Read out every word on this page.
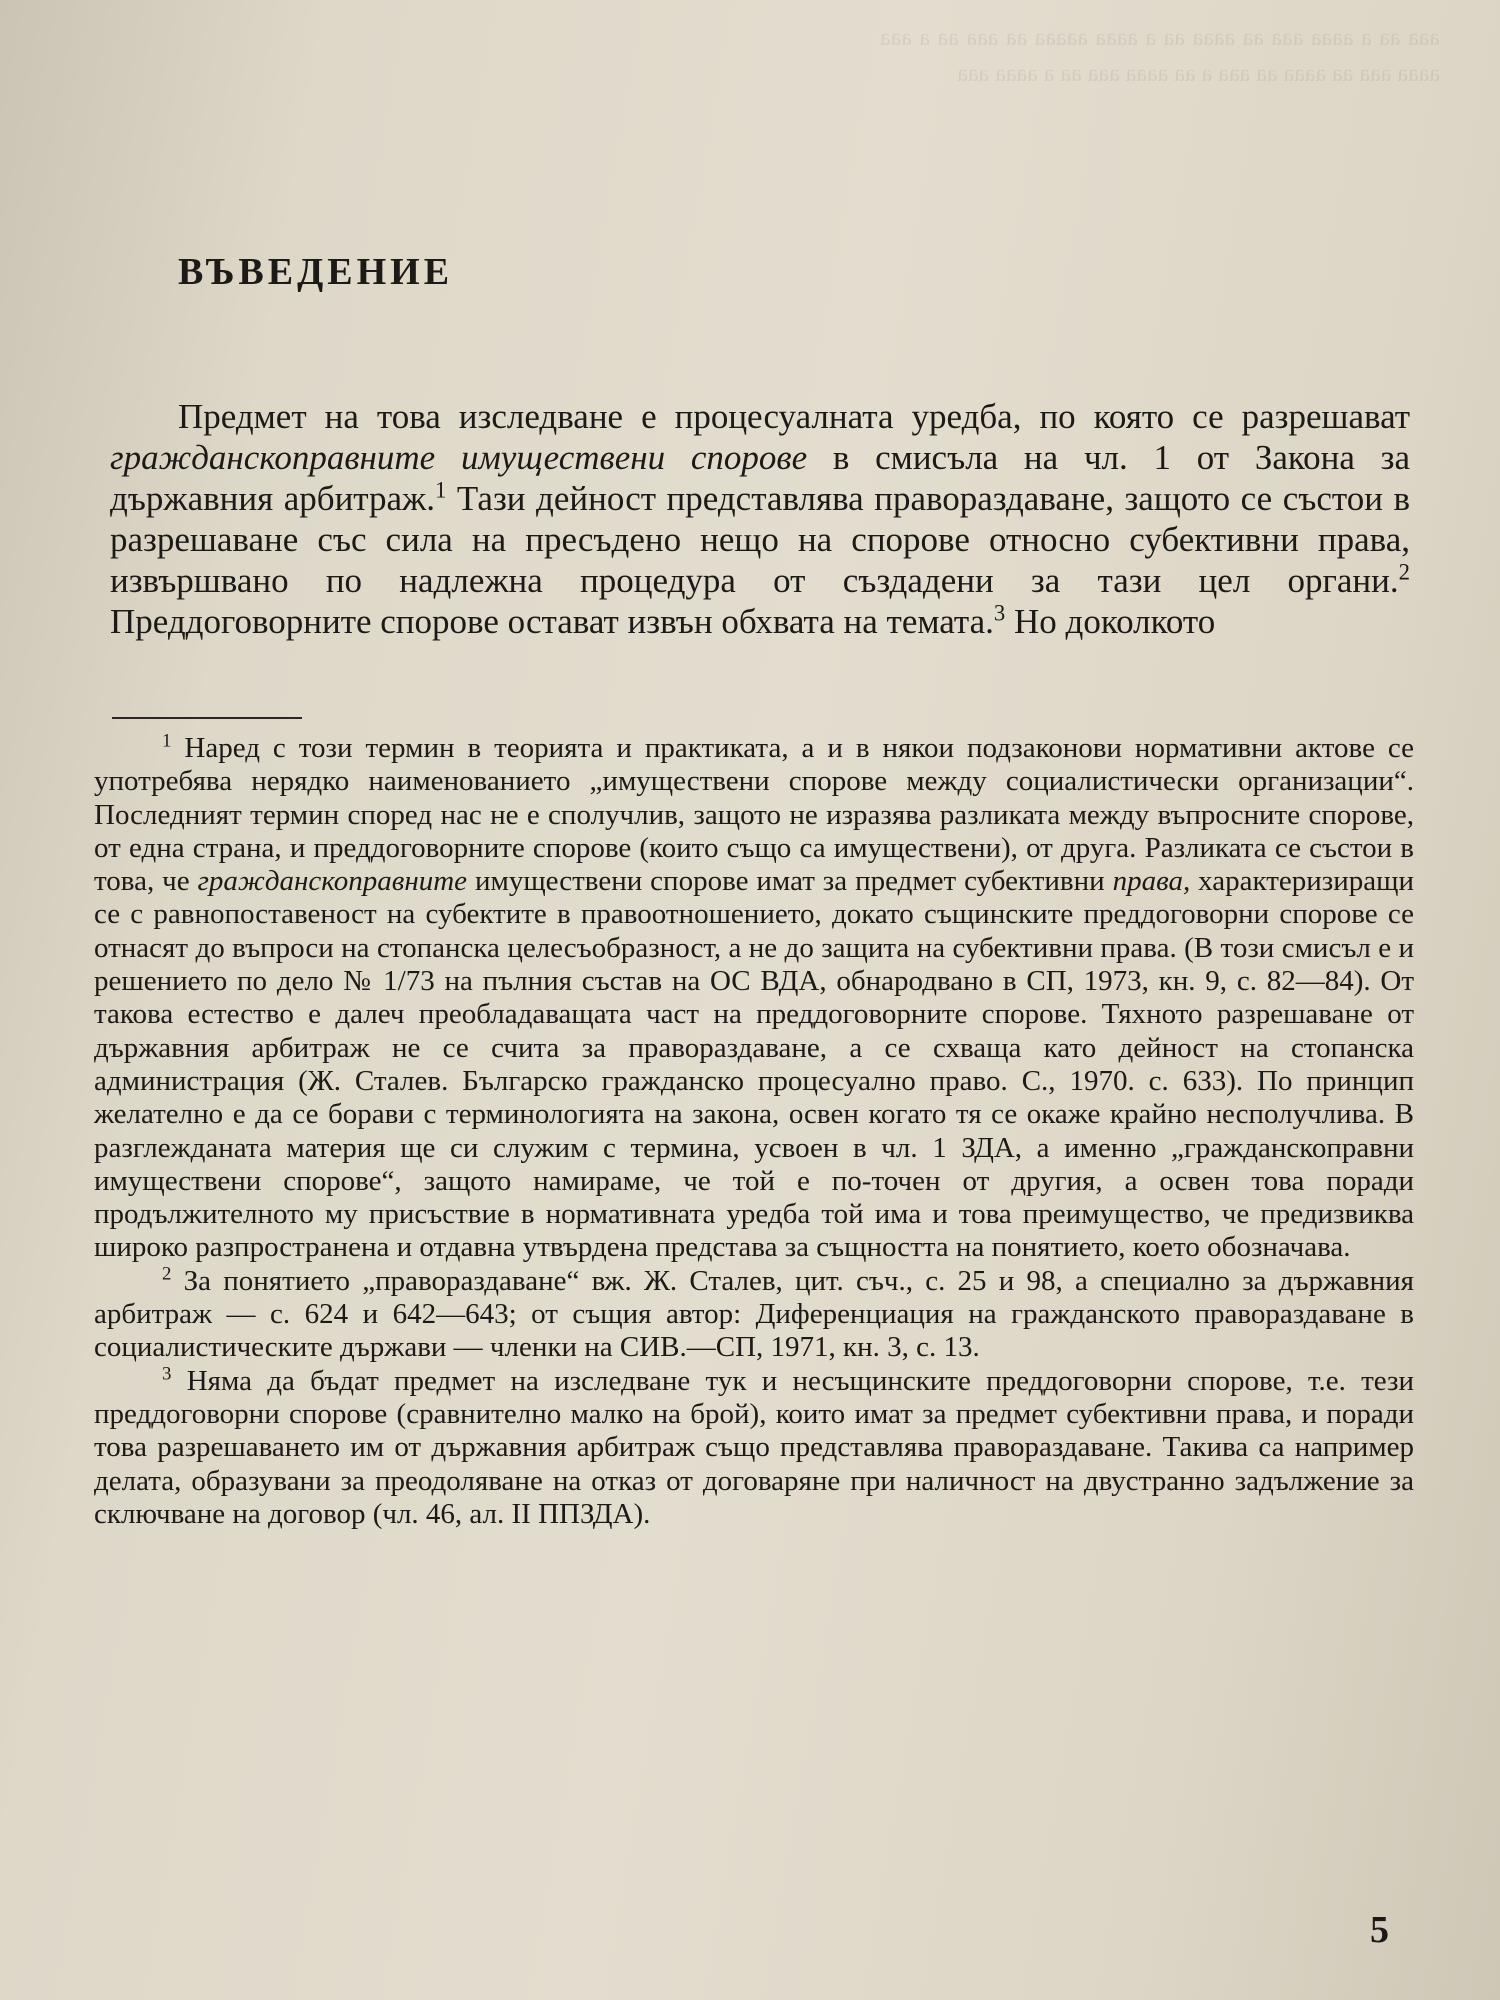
ааа аа а аааа ааа аа аааа аа а аааа ааааа аа ааа аа а ааа аааа ааа аа аааа аа ааа а аа аааа ааа аа а аааа ааа
ВЪВЕДЕНИЕ

Предмет на това изследване е процесуалната уредба, по която се разрешават гражданскоправните имуществени спорове в смисъла на чл. 1 от Закона за държавния арбитраж.$^1$ Тази дейност представлява правораздаване, защото се състои в разрешаване със сила на пресъдено нещо на спорове относно субективни права, извършвано по надлежна процедура от създадени за тази цел органи.$^2$ Преддоговорните спорове остават извън обхвата на темата.$^3$ Но доколкото

$^1$ Наред с този термин в теорията и практиката, а и в някои подзаконови нормативни актове се употребява нерядко наименованието „имуществени спорове между социалистически организации“. Последният термин според нас не е сполучлив, защото не изразява разликата между въпросните спорове, от една страна, и преддоговорните спорове (които също са имуществени), от друга. Разликата се състои в това, че гражданскоправните имуществени спорове имат за предмет субективни права, характеризиращи се с равнопоставеност на субектите в правоотношението, докато същинските преддоговорни спорове се отнасят до въпроси на стопанска целесъобразност, а не до защита на субективни права. (В този смисъл е и решението по дело № 1/73 на пълния състав на ОС ВДА, обнародвано в СП, 1973, кн. 9, с. 82—84). От такова естество е далеч преобладаващата част на преддоговорните спорове. Тяхното разрешаване от държавния арбитраж не се счита за правораздаване, а се схваща като дейност на стопанска администрация (Ж. Сталев. Българско гражданско процесуално право. С., 1970. с. 633). По принцип желателно е да се борави с терминологията на закона, освен когато тя се окаже крайно несполучлива. В разглежданата материя ще си служим с термина, усвоен в чл. 1 ЗДА, а именно „гражданскоправни имуществени спорове“, защото намираме, че той е по-точен от другия, а освен това поради продължителното му присъствие в нормативната уредба той има и това преимущество, че предизвиква широко разпространена и отдавна утвърдена представа за същността на понятието, което обозначава.

$^2$ За понятието „правораздаване“ вж. Ж. Сталев, цит. съч., с. 25 и 98, а специално за държавния арбитраж — с. 624 и 642—643; от същия автор: Диференциация на гражданското правораздаване в социалистическите държави — членки на СИВ.—СП, 1971, кн. 3, с. 13.

$^3$ Няма да бъдат предмет на изследване тук и несъщинските преддоговорни спорове, т.е. тези преддоговорни спорове (сравнително малко на брой), които имат за предмет субективни права, и поради това разрешаването им от държавния арбитраж също представлява правораздаване. Такива са например делата, образувани за преодоляване на отказ от договаряне при наличност на двустранно задължение за сключване на договор (чл. 46, ал. II ППЗДА).

5
